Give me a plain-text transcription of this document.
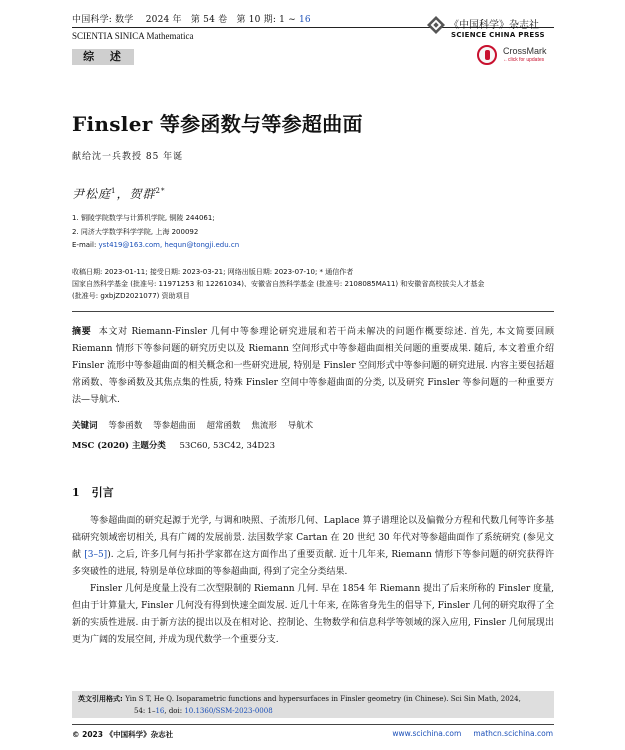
中国科学: 数学　 2024 年　第 54 卷　第 10 期: 1 ∼ 16
SCIENTIA SINICA Mathematica
综 述
《中国科学》杂志社
SCIENCE CHINA PRESS
CrossMark
←click for updates
Finsler 等参函数与等参超曲面
献给沈一兵教授 85 年诞
尹松庭$^1$，贺群$^{2*}$
1. 铜陵学院数学与计算机学院, 铜陵 244061;
2. 同济大学数学科学学院, 上海 200092
E-mail: yst419@163.com, hequn@tongji.edu.cn
收稿日期: 2023-01-11; 接受日期: 2023-03-21; 网络出版日期: 2023-07-10; * 通信作者
国家自然科学基金 (批准号: 11971253 和 12261034)、安徽省自然科学基金 (批准号: 2108085MA11) 和安徽省高校拔尖人才基金
(批准号: gxbjZD2021077) 资助项目
摘要 本文对 Riemann-Finsler 几何中等参理论研究进展和若干尚未解决的问题作概要综述. 首先, 本文简要回顾 Riemann 情形下等参问题的研究历史以及 Riemann 空间形式中等参超曲面相关问题的重要成果. 随后, 本文着重介绍 Finsler 流形中等参超曲面的相关概念和一些研究进展, 特别是 Finsler 空间形式中等参问题的研究进展. 内容主要包括超常函数、等参函数及其焦点集的性质, 特殊 Finsler 空间中等参超曲面的分类, 以及研究 Finsler 等参问题的一种重要方法—导航术.
关键词 等参函数 等参超曲面 超常函数 焦流形 导航术
MSC (2020) 主题分类 53C60, 53C42, 34D23
1 引言

等参超曲面的研究起源于光学, 与调和映照、子流形几何、Laplace 算子谱理论以及偏微分方程和代数几何等许多基础研究领域密切相关, 具有广阔的发展前景. 法国数学家 Cartan 在 20 世纪 30 年代对等参超曲面作了系统研究 (参见文献 [3–5]). 之后, 许多几何与拓扑学家都在这方面作出了重要贡献. 近十几年来, Riemann 情形下等参问题的研究获得许多突破性的进展, 特别是单位球面的等参超曲面, 得到了完全分类结果.

Finsler 几何是度量上没有二次型限制的 Riemann 几何. 早在 1854 年 Riemann 提出了后来所称的 Finsler 度量, 但由于计算量大, Finsler 几何没有得到快速全面发展. 近几十年来, 在陈省身先生的倡导下, Finsler 几何的研究取得了全新的实质性进展. 由于新方法的提出以及在相对论、控制论、生物数学和信息科学等领域的深入应用, Finsler 几何展现出更为广阔的发展空间, 并成为现代数学一个重要分支.

英文引用格式: Yin S T, He Q. Isoparametric functions and hypersurfaces in Finsler geometry (in Chinese). Sci Sin Math, 2024,
54: 1–16, doi: 10.1360/SSM-2023-0008
© 2023 《中国科学》杂志社	www.scichina.com mathcn.scichina.com
